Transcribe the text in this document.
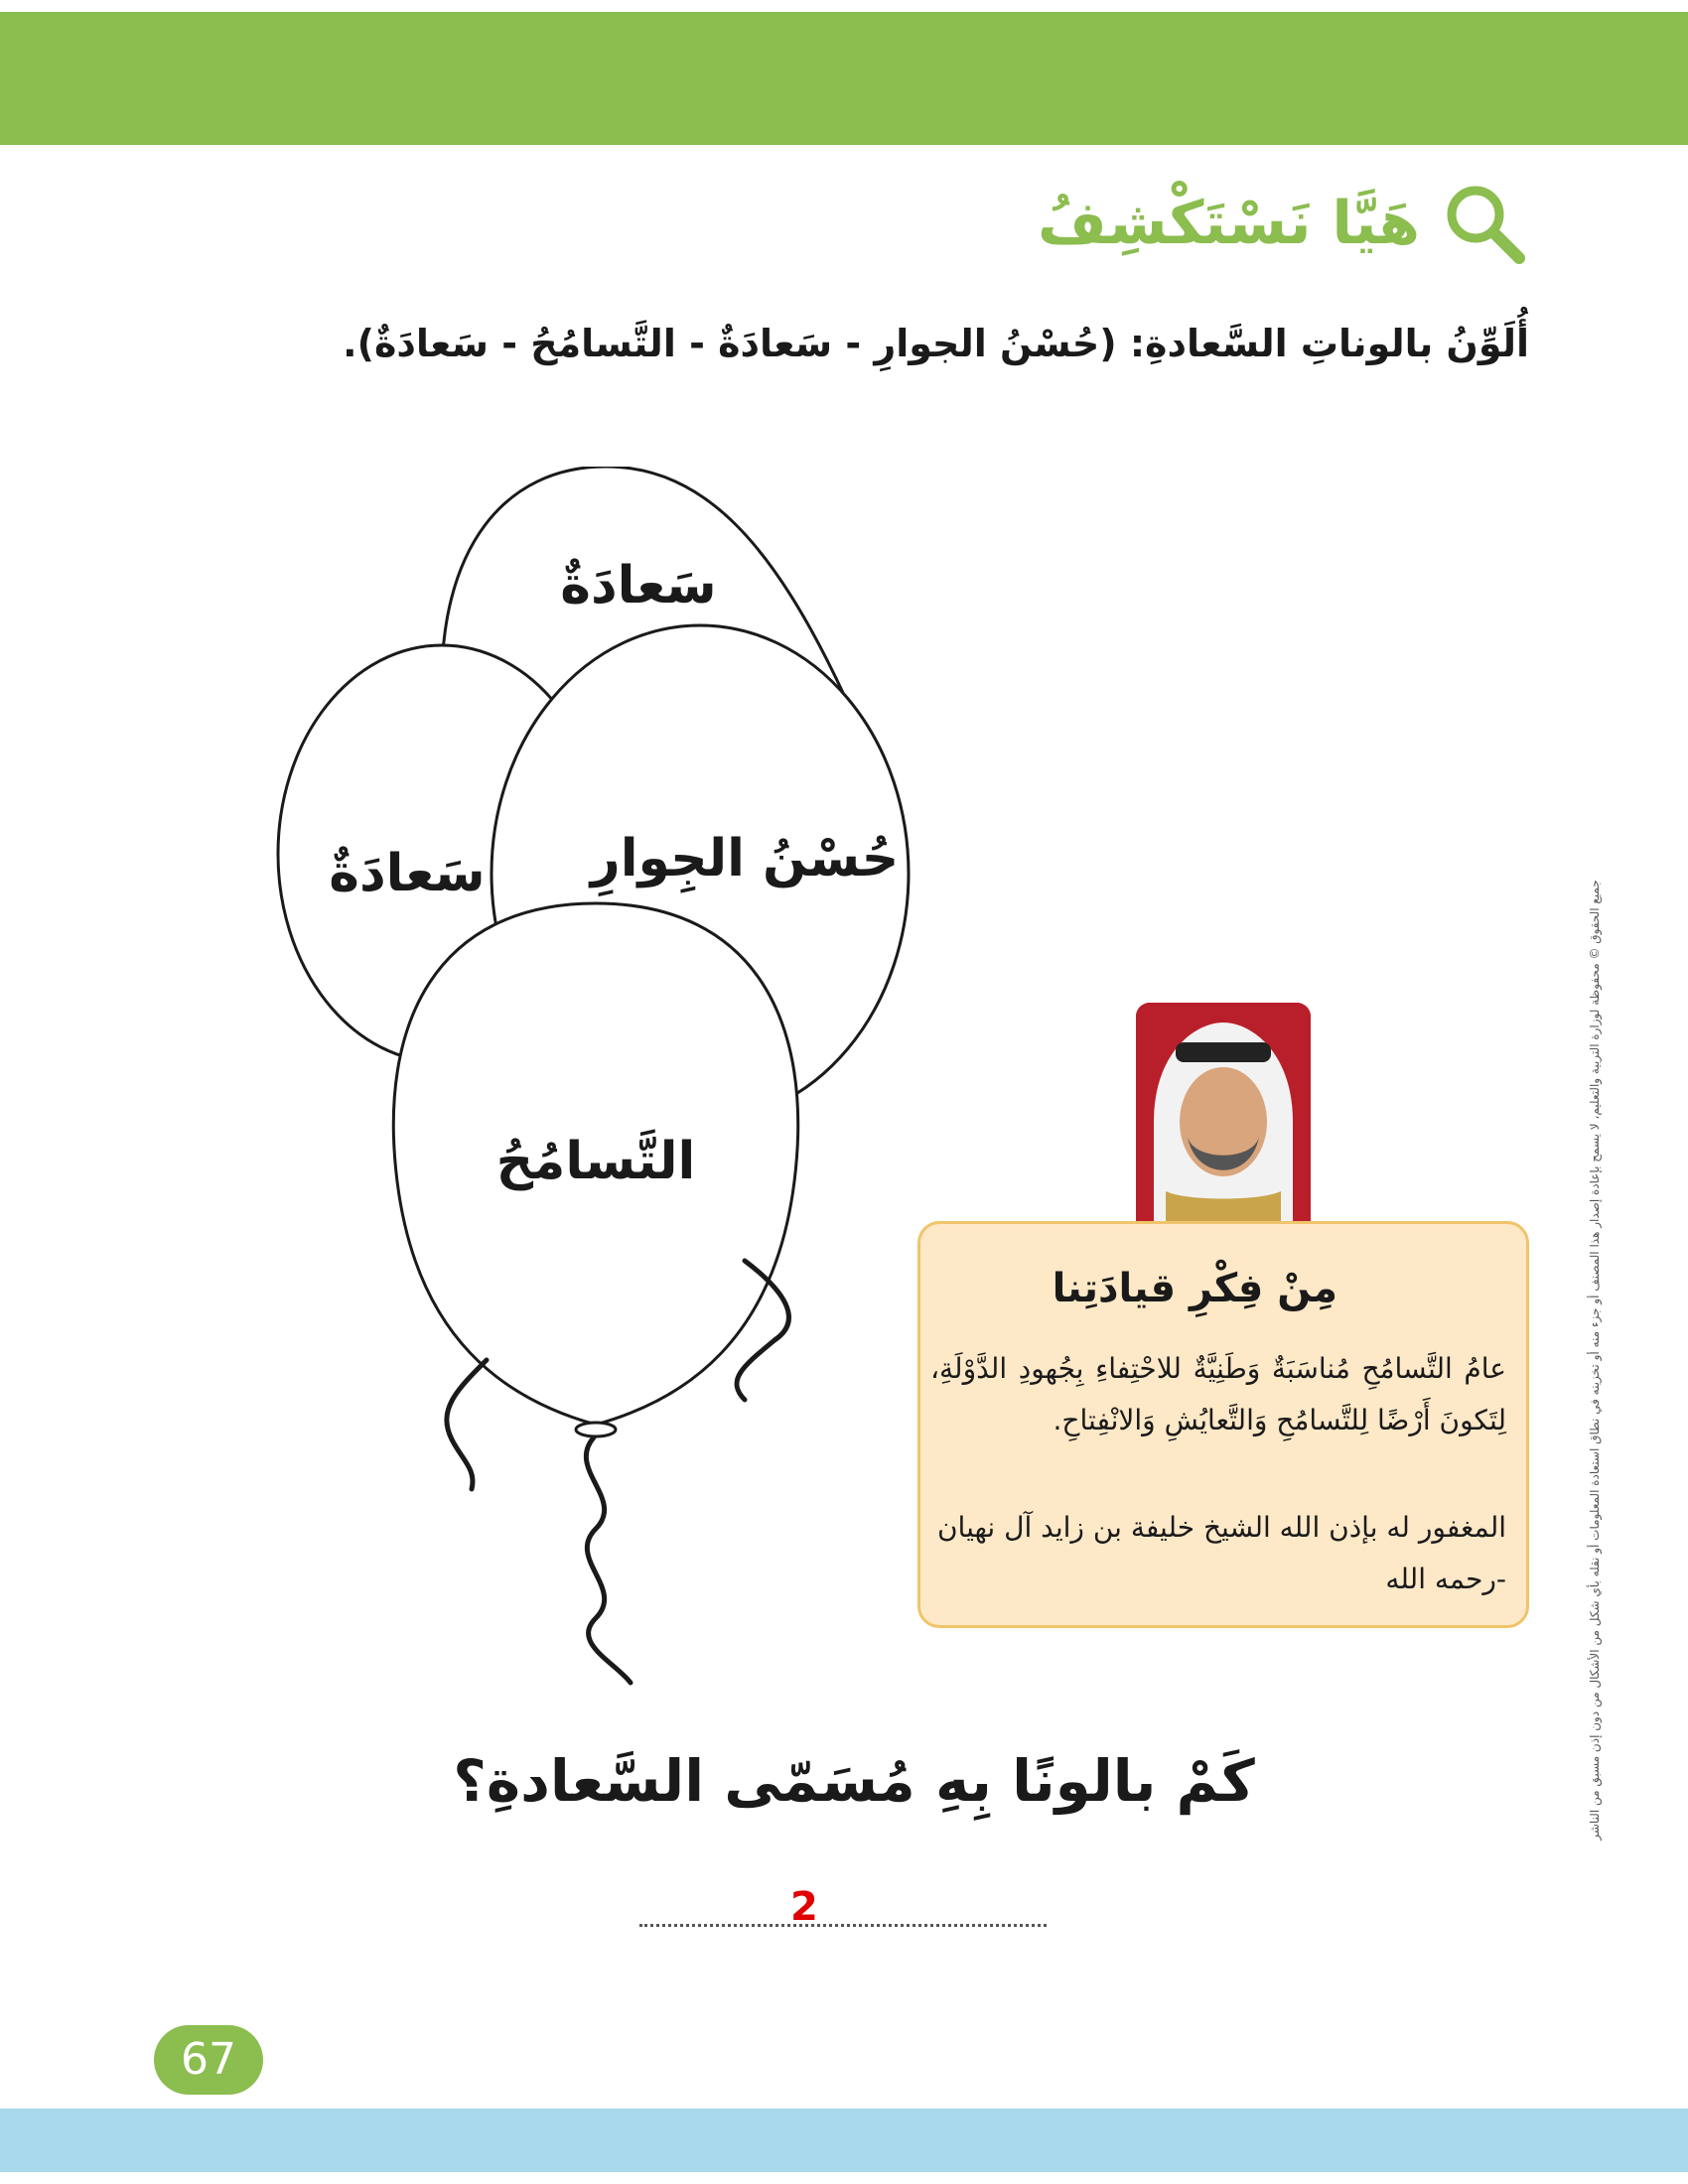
هَيَّا نَسْتَكْشِفُ
أُلَوِّنُ بالوناتِ السَّعادةِ: (حُسْنُ الجوارِ - سَعادَةٌ - التَّسامُحُ - سَعادَةٌ).
سَعادَةٌ
سَعادَةٌ حُسْنُ الجِوارِ
التَّسامُحُ	جميع الحقوق © محفوظة لوزارة التربية والتعليم، لا يسمح بإعادة إصدار هذا المصنف أو جزء منه أو تخزينه في نطاق استعادة المعلومات أو نقله بأي شكل من الأشكال من دون إذن مسبق من الناشر
مِنْ فِكْرِ قيادَتِنا
عامُ التَّسامُحِ مُناسَبَةٌ وَطَنِيَّةٌ للاحْتِفاءِ بِجُهودِ الدَّوْلَةِ، لِتَكونَ أَرْضًا لِلتَّسامُحِ وَالتَّعايُشِ وَالانْفِتاحِ.
المغفور له بإذن الله الشيخ خليفة بن زايد آل نهيان -رحمه الله
كَمْ بالونًا بِهِ مُسَمّى السَّعادةِ؟
2
67
